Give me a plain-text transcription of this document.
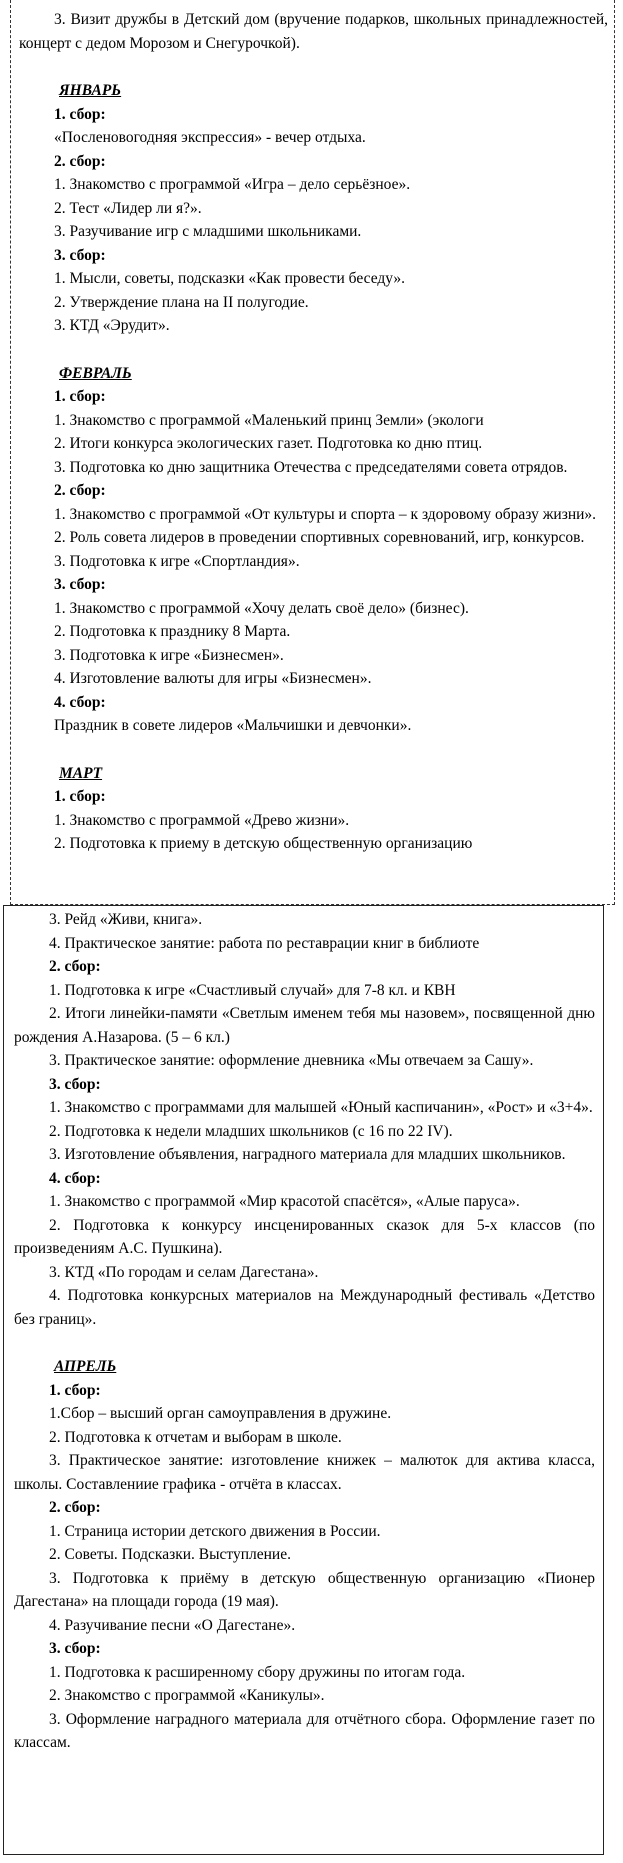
3. Визит дружбы в Детский дом (вручение подарков, школьных принадлежностей, концерт с дедом Морозом и Снегурочкой).

ЯНВАРЬ

1. сбор:

«Посленовогодняя экспрессия» - вечер отдыха.

2. сбор:

1. Знакомство с программой «Игра – дело серьёзное».

2. Тест «Лидер ли я?».

3. Разучивание игр с младшими школьниками.

3. сбор:

1. Мысли, советы, подсказки «Как провести беседу».

2. Утверждение плана на II полугодие.

3. КТД «Эрудит».

ФЕВРАЛЬ

1. сбор:

1. Знакомство с программой «Маленький принц Земли» (экологи

2. Итоги конкурса экологических газет. Подготовка ко дню птиц.

3. Подготовка ко дню защитника Отечества с председателями совета отрядов.

2. сбор:

1. Знакомство с программой «От культуры и спорта – к здоровому образу жизни».

2. Роль совета лидеров в проведении спортивных соревнований, игр, конкурсов.

3. Подготовка к игре «Спортландия».

3. сбор:

1. Знакомство с программой «Хочу делать своё дело» (бизнес).

2. Подготовка к празднику 8 Марта.

3. Подготовка к игре «Бизнесмен».

4. Изготовление валюты для игры «Бизнесмен».

4. сбор:

Праздник в совете лидеров «Мальчишки и девчонки».

МАРТ

1. сбор:

1. Знакомство с программой «Древо жизни».

2. Подготовка к приему в детскую общественную организацию

3. Рейд «Живи, книга».

4. Практическое занятие: работа по реставрации книг в библиоте

2. сбор:

1. Подготовка к игре «Счастливый случай» для 7-8 кл. и КВН

2. Итоги линейки-памяти «Светлым именем тебя мы назовем», посвященной дню рождения А.Назарова. (5 – 6 кл.)

3. Практическое занятие: оформление дневника «Мы отвечаем за Сашу».

3. сбор:

1. Знакомство с программами для малышей «Юный каспичанин», «Рост» и «3+4».

2. Подготовка к недели младших школьников (с 16 по 22 IV).

3. Изготовление объявления, наградного материала для младших школьников.

4. сбор:

1. Знакомство с программой «Мир красотой спасётся», «Алые паруса».

2. Подготовка к конкурсу инсценированных сказок для 5-х классов (по произведениям А.С. Пушкина).

3. КТД «По городам и селам Дагестана».

4. Подготовка конкурсных материалов на Международный фестиваль «Детство без границ».

АПРЕЛЬ

1. сбор:

1.Сбор – высший орган самоуправления в дружине.

2. Подготовка к отчетам и выборам в школе.

3. Практическое занятие: изготовление книжек – малюток для актива класса, школы. Составлениие графика - отчёта в классах.

2. сбор:

1. Страница истории детского движения в России.

2. Советы. Подсказки. Выступление.

3. Подготовка к приёму в детскую общественную организацию «Пионер Дагестана» на площади города (19 мая).

4. Разучивание песни «О Дагестане».

3. сбор:

1. Подготовка к расширенному сбору дружины по итогам года.

2. Знакомство с программой «Каникулы».

3. Оформление наградного материала для отчётного сбора. Оформление газет по классам.
